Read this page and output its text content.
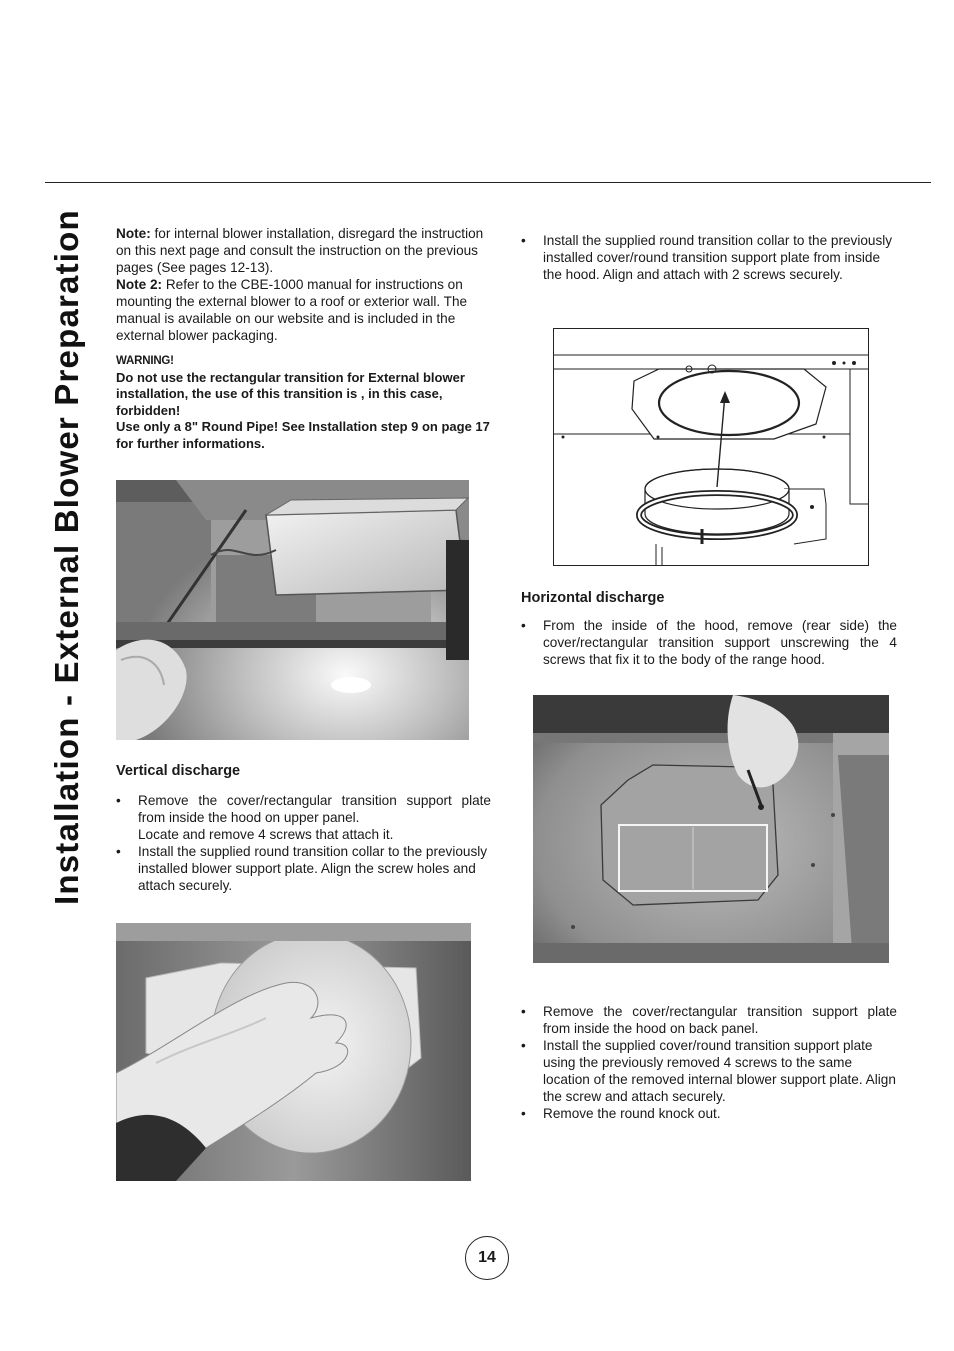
Installation - External Blower Preparation	Note: for internal blower installation, disregard the instruction on this next page and consult the instruction on the previous pages (See pages 12-13).
Note 2: Refer to the CBE-1000 manual for instructions on mounting the external blower to a roof or exterior wall. The manual is available on our website and is included in the external blower packaging.
WARNING!
Do not use the rectangular transition for External blower installation, the use of this transition is , in this case, forbidden!
Use only a 8" Round Pipe! See Installation step 9 on page 17 for further informations.
Vertical discharge
• Remove the cover/rectangular transition support plate from inside the hood on upper panel.
Locate and remove 4 screws that attach it.
• Install the supplied round transition collar to the previously installed blower support plate. Align the screw holes and attach securely.
• Install the supplied round transition collar to the previously installed cover/round transition support plate from inside the hood. Align and attach with 2 screws securely.
Horizontal discharge
• From the inside of the hood, remove (rear side) the cover/rectangular transition support unscrewing the 4 screws that fix it to the body of the range hood.
• Remove the cover/rectangular transition support plate from inside the hood on back panel.
• Install the supplied cover/round transition support plate using the previously removed 4 screws to the same location of the removed internal blower support plate. Align the screw and attach securely.
• Remove the round knock out.
14
